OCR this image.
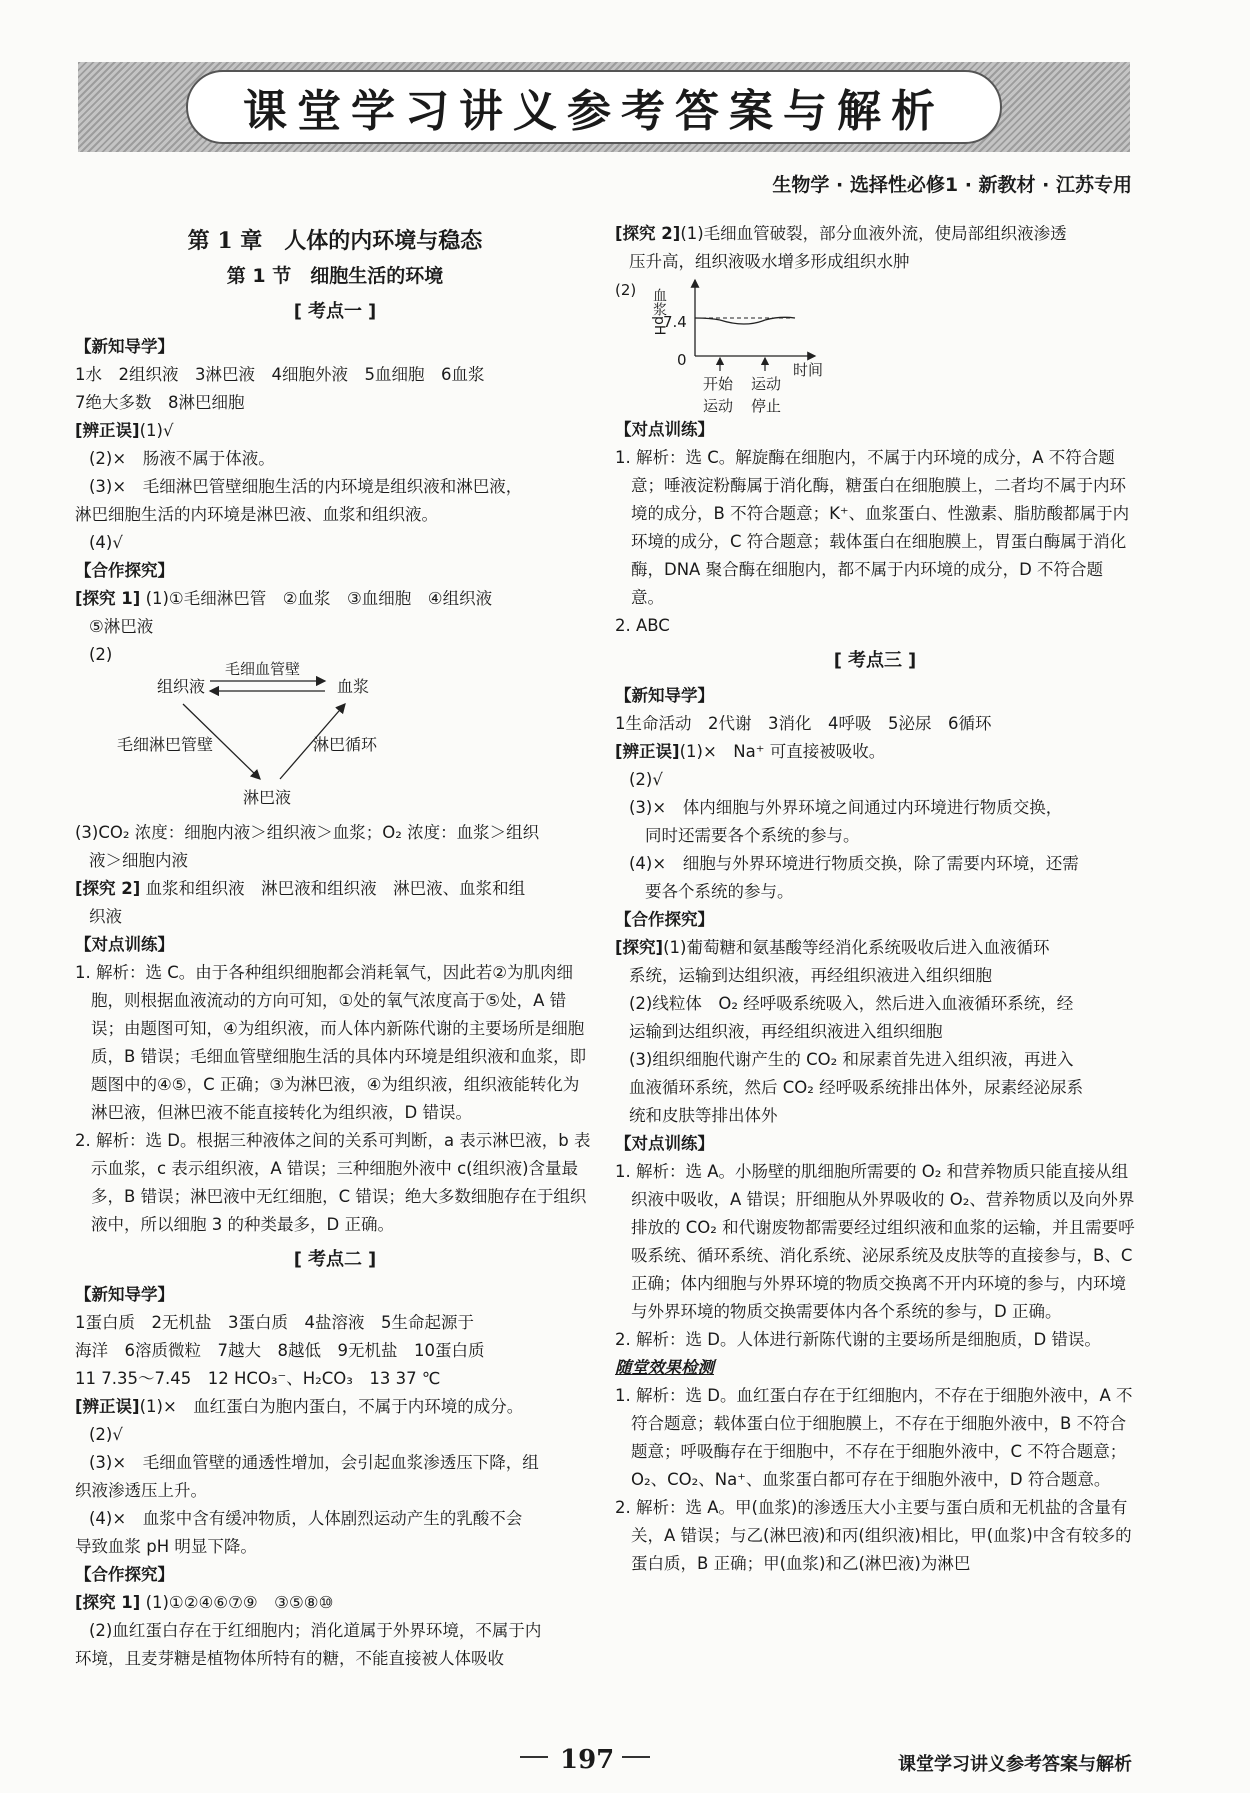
课堂学习讲义参考答案与解析
生物学 · 选择性必修1 · 新教材 · 江苏专用
第 1 章　人体的内环境与稳态
第 1 节　细胞生活的环境
[ 考点一 ]
【新知导学】
1水　2组织液　3淋巴液　4细胞外液　5血细胞　6血浆
7绝大多数　8淋巴细胞
[辨正误](1)√
(2)×　肠液不属于体液。
(3)×　毛细淋巴管壁细胞生活的内环境是组织液和淋巴液，
淋巴细胞生活的内环境是淋巴液、血浆和组织液。
(4)√
【合作探究】
[探究 1] (1)①毛细淋巴管　②血浆　③血细胞　④组织液
⑤淋巴液
(2)
组织液	血浆
毛细血管壁
毛细淋巴管壁	淋巴循环
淋巴液
(3)CO₂ 浓度：细胞内液＞组织液＞血浆；O₂ 浓度：血浆＞组织
液＞细胞内液
[探究 2] 血浆和组织液　淋巴液和组织液　淋巴液、血浆和组
织液
【对点训练】
1. 解析：选 C。由于各种组织细胞都会消耗氧气，因此若②为肌肉细胞，则根据血液流动的方向可知，①处的氧气浓度高于⑤处，A 错误；由题图可知，④为组织液，而人体内新陈代谢的主要场所是细胞质，B 错误；毛细血管壁细胞生活的具体内环境是组织液和血浆，即题图中的④⑤，C 正确；③为淋巴液，④为组织液，组织液能转化为淋巴液，但淋巴液不能直接转化为组织液，D 错误。
2. 解析：选 D。根据三种液体之间的关系可判断，a 表示淋巴液，b 表示血浆，c 表示组织液，A 错误；三种细胞外液中 c(组织液)含量最多，B 错误；淋巴液中无红细胞，C 错误；绝大多数细胞存在于组织液中，所以细胞 3 的种类最多，D 正确。
[ 考点二 ]
【新知导学】
1蛋白质　2无机盐　3蛋白质　4盐溶液　5生命起源于
海洋　6溶质微粒　7越大　8越低　9无机盐　10蛋白质
11 7.35～7.45　12 HCO₃⁻、H₂CO₃　13 37 ℃
[辨正误](1)×　血红蛋白为胞内蛋白，不属于内环境的成分。
(2)√
(3)×　毛细血管壁的通透性增加，会引起血浆渗透压下降，组
织液渗透压上升。
(4)×　血浆中含有缓冲物质，人体剧烈运动产生的乳酸不会
导致血浆 pH 明显下降。
【合作探究】
[探究 1] (1)①②④⑥⑦⑨　③⑤⑧⑩
(2)血红蛋白存在于红细胞内；消化道属于外界环境，不属于内
环境，且麦芽糖是植物体所特有的糖，不能直接被人体吸收
[探究 2](1)毛细血管破裂，部分血液外流，使局部组织液渗透
压升高，组织液吸水增多形成组织水肿
(2)	血浆pH
7.4
0
时间
开始
运动
运动
停止
【对点训练】
1. 解析：选 C。解旋酶在细胞内，不属于内环境的成分，A 不符合题意；唾液淀粉酶属于消化酶，糖蛋白在细胞膜上，二者均不属于内环境的成分，B 不符合题意；K⁺、血浆蛋白、性激素、脂肪酸都属于内环境的成分，C 符合题意；载体蛋白在细胞膜上，胃蛋白酶属于消化酶，DNA 聚合酶在细胞内，都不属于内环境的成分，D 不符合题意。
2. ABC
[ 考点三 ]
【新知导学】
1生命活动　2代谢　3消化　4呼吸　5泌尿　6循环
[辨正误](1)×　Na⁺ 可直接被吸收。
(2)√
(3)×　体内细胞与外界环境之间通过内环境进行物质交换，
同时还需要各个系统的参与。
(4)×　细胞与外界环境进行物质交换，除了需要内环境，还需
要各个系统的参与。
【合作探究】
[探究](1)葡萄糖和氨基酸等经消化系统吸收后进入血液循环
系统，运输到达组织液，再经组织液进入组织细胞
(2)线粒体　O₂ 经呼吸系统吸入，然后进入血液循环系统，经
运输到达组织液，再经组织液进入组织细胞
(3)组织细胞代谢产生的 CO₂ 和尿素首先进入组织液，再进入
血液循环系统，然后 CO₂ 经呼吸系统排出体外，尿素经泌尿系
统和皮肤等排出体外
【对点训练】
1. 解析：选 A。小肠壁的肌细胞所需要的 O₂ 和营养物质只能直接从组织液中吸收，A 错误；肝细胞从外界吸收的 O₂、营养物质以及向外界排放的 CO₂ 和代谢废物都需要经过组织液和血浆的运输，并且需要呼吸系统、循环系统、消化系统、泌尿系统及皮肤等的直接参与，B、C 正确；体内细胞与外界环境的物质交换离不开内环境的参与，内环境与外界环境的物质交换需要体内各个系统的参与，D 正确。
2. 解析：选 D。人体进行新陈代谢的主要场所是细胞质，D 错误。
随堂效果检测
1. 解析：选 D。血红蛋白存在于红细胞内，不存在于细胞外液中，A 不符合题意；载体蛋白位于细胞膜上，不存在于细胞外液中，B 不符合题意；呼吸酶存在于细胞中，不存在于细胞外液中，C 不符合题意；O₂、CO₂、Na⁺、血浆蛋白都可存在于细胞外液中，D 符合题意。
2. 解析：选 A。甲(血浆)的渗透压大小主要与蛋白质和无机盐的含量有关，A 错误；与乙(淋巴液)和丙(组织液)相比，甲(血浆)中含有较多的蛋白质，B 正确；甲(血浆)和乙(淋巴液)为淋巴
197	课堂学习讲义参考答案与解析
